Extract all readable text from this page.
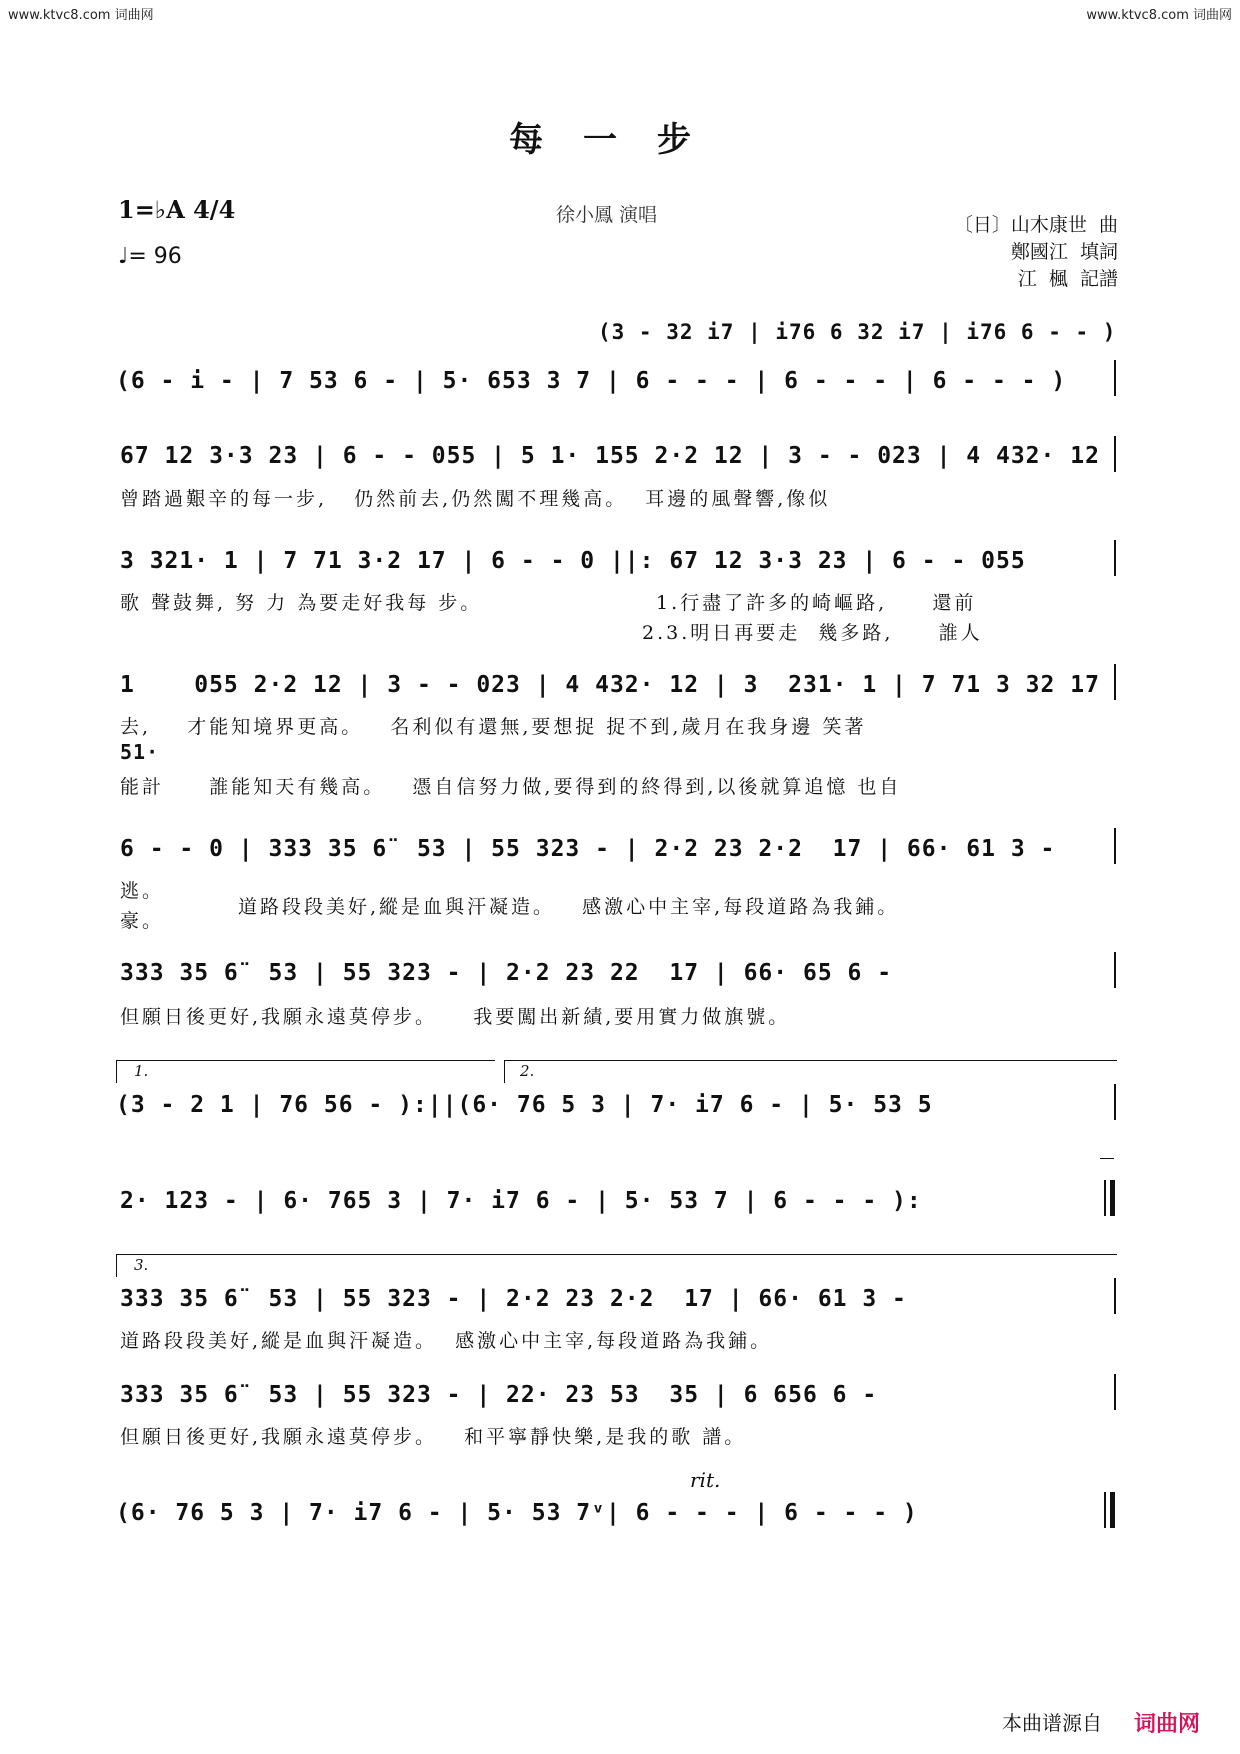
www.ktvc8.com 词曲网	www.ktvc8.com 词曲网
每一步
1=♭A 4/4
♩= 96
徐小鳳 演唱	〔日〕山木康世  曲
鄭國江  填詞
江  楓  記譜
(3 - 32 i7 | i76 6 32 i7 | i76 6 - - )
(6 - i - | 7 53 6 - | 5· 653 3 7 | 6 - - - | 6 - - - | 6 - - - )
67 12 3·3 23 | 6 - - 055 | 5 1· 155 2·2 12 | 3 - - 023 | 4 432· 12
曾踏過艱辛的每一步,   仍然前去,仍然闖不理幾高。  耳邊的風聲響,像似
3 321· 1 | 7 71 3·2 17 | 6 - - 0 ||: 67 12 3·3 23 | 6 - - 055
歌 聲鼓舞, 努 力 為要走好我每 步。	1.行盡了許多的崎嶇路,     還前
2.3.明日再要走  幾多路,     誰人
1    055 2·2 12 | 3 - - 023 | 4 432· 12 | 3  231· 1 | 7 71 3 32 17
去,    才能知境界更高。   名利似有還無,要想捉 捉不到,歲月在我身邊 笑著
51·
能計     誰能知天有幾高。   憑自信努力做,要得到的終得到,以後就算追憶 也自
6 - - 0 | 333 35 6̈  53 | 55 323 - | 2·2 23 2·2  17 | 66· 61 3 -
逃。
豪。
道路段段美好,縱是血與汗凝造。   感激心中主宰,每段道路為我鋪。
333 35 6̈  53 | 55 323 - | 2·2 23 22  17 | 66· 65 6 -
但願日後更好,我願永遠莫停步。    我要闖出新績,要用實力做旗號。
1.	2.
(3 - 2 1 | 76 56 - ):||(6· 76 5 3 | 7· i7 6 - | 5· 53 5
2· 123 - | 6· 765 3 | 7· i7 6 - | 5· 53 7 | 6 - - - ):
3.
333 35 6̈  53 | 55 323 - | 2·2 23 2·2  17 | 66· 61 3 -
道路段段美好,縱是血與汗凝造。  感激心中主宰,每段道路為我鋪。
333 35 6̈  53 | 55 323 - | 22· 23 53  35 | 6 656 6 -
但願日後更好,我願永遠莫停步。   和平寧靜快樂,是我的歌 譜。
rit.
(6· 76 5 3 | 7· i7 6 - | 5· 53 7ᵛ| 6 - - - | 6 - - - )
本曲谱源自 词曲网
